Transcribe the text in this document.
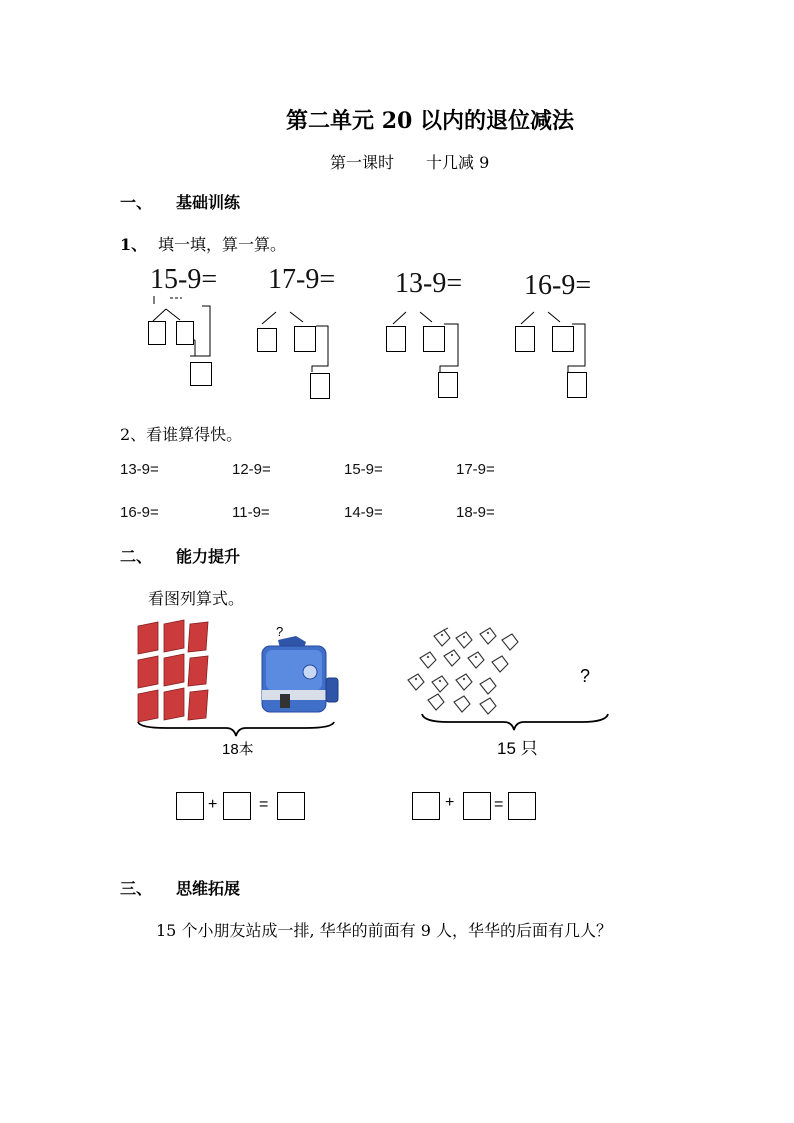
第二单元 20 以内的退位减法
第一课时 十几减 9
一、 基础训练
1、 填一填，算一算。
15-9= 17-9= 13-9= 16-9=
2、看谁算得快。
13-9=	12-9=	15-9=	17-9=
16-9=	11-9=	14-9=	18-9=
二、 能力提升
看图列算式。
?
18本
?
15 只
+	=	+ =
三、 思维拓展
15 个小朋友站成一排, 华华的前面有 9 人，华华的后面有几人？
